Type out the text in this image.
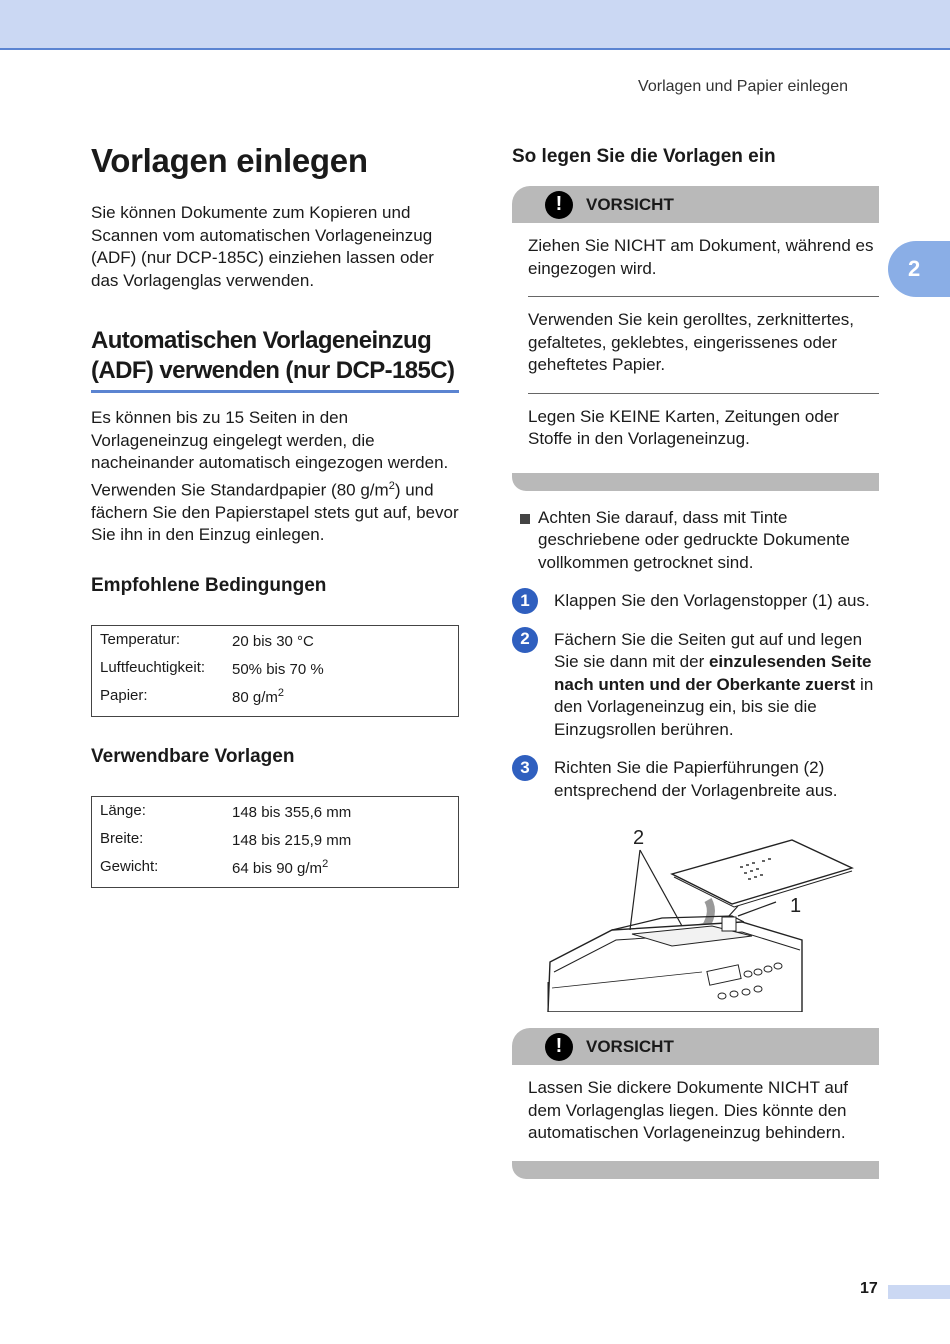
Vorlagen und Papier einlegen
2
Vorlagen einlegen

Sie können Dokumente zum Kopieren und Scannen vom automatischen Vorlageneinzug (ADF) (nur DCP-185C) einziehen lassen oder das Vorlagenglas verwenden.

Automatischen Vorlageneinzug (ADF) verwenden (nur DCP-185C)

Es können bis zu 15 Seiten in den Vorlageneinzug eingelegt werden, die nacheinander automatisch eingezogen werden. Verwenden Sie Standardpapier (80 $g/m^2$) und fächern Sie den Papierstapel stets gut auf, bevor Sie ihn in den Einzug einlegen.

Empfohlene Bedingungen
Temperatur:	20 bis 30 °C
Luftfeuchtigkeit:	50% bis 70 %
Papier:	80 $g/m^2$
Verwendbare Vorlagen
Länge:	148 bis 355,6 mm
Breite:	148 bis 215,9 mm
Gewicht:	64 bis 90 $g/m^2$
So legen Sie die Vorlagen ein
!	VORSICHT

Ziehen Sie NICHT am Dokument, während es eingezogen wird.

Verwenden Sie kein gerolltes, zerknittertes, gefaltetes, geklebtes, eingerissenes oder geheftetes Papier.

Legen Sie KEINE Karten, Zeitungen oder Stoffe in den Vorlageneinzug.

Achten Sie darauf, dass mit Tinte geschriebene oder gedruckte Dokumente vollkommen getrocknet sind.
1	Klappen Sie den Vorlagenstopper (1) aus.
2	Fächern Sie die Seiten gut auf und legen Sie sie dann mit der einzulesenden Seite nach unten und der Oberkante zuerst in den Vorlageneinzug ein, bis sie die Einzugsrollen berühren.
3	Richten Sie die Papierführungen (2) entsprechend der Vorlagenbreite aus.
2
1
!	VORSICHT

Lassen Sie dickere Dokumente NICHT auf dem Vorlagenglas liegen. Dies könnte den automatischen Vorlageneinzug behindern.

17
